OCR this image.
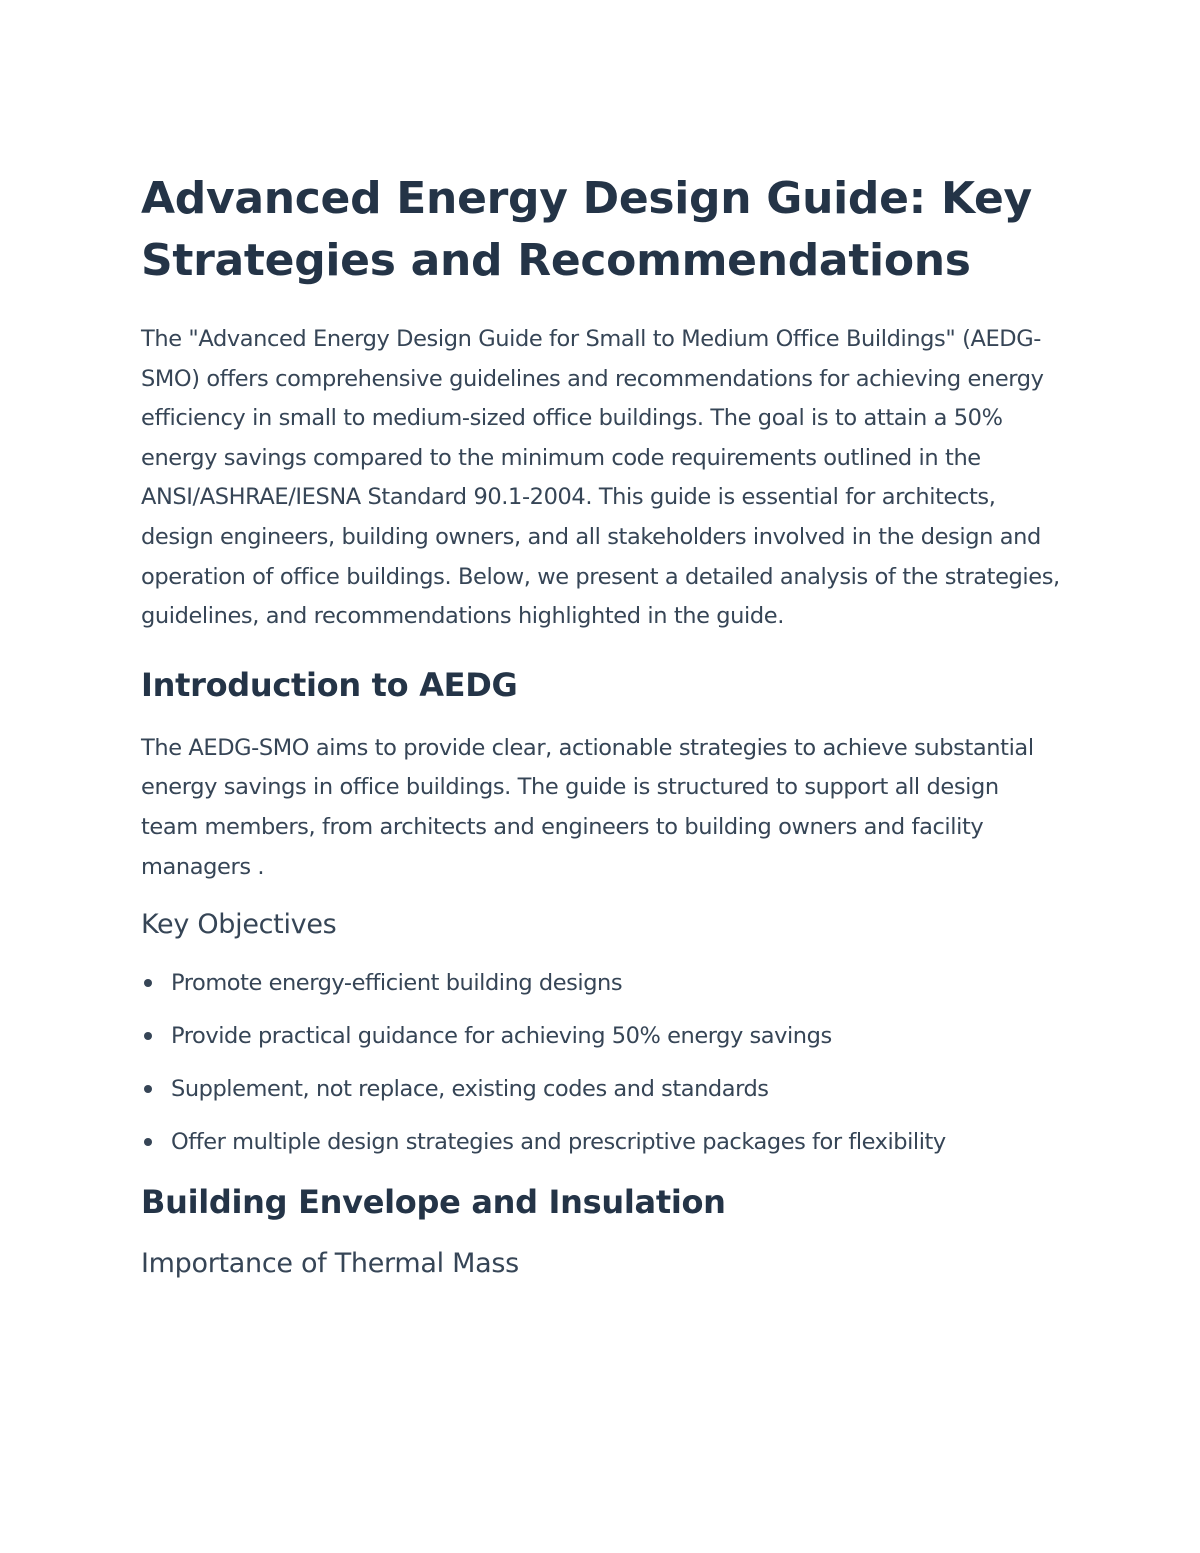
Advanced Energy Design Guide: Key Strategies and Recommendations

The "Advanced Energy Design Guide for Small to Medium Office Buildings" (AEDG-SMO) offers comprehensive guidelines and recommendations for achieving energy efficiency in small to medium-sized office buildings. The goal is to attain a 50% energy savings compared to the minimum code requirements outlined in the ANSI/ASHRAE/IESNA Standard 90.1-2004. This guide is essential for architects, design engineers, building owners, and all stakeholders involved in the design and operation of office buildings. Below, we present a detailed analysis of the strategies, guidelines, and recommendations highlighted in the guide.

Introduction to AEDG

The AEDG-SMO aims to provide clear, actionable strategies to achieve substantial energy savings in office buildings. The guide is structured to support all design team members, from architects and engineers to building owners and facility managers .

Key Objectives
Promote energy-efficient building designs
Provide practical guidance for achieving 50% energy savings
Supplement, not replace, existing codes and standards
Offer multiple design strategies and prescriptive packages for flexibility
Building Envelope and Insulation
Importance of Thermal Mass
